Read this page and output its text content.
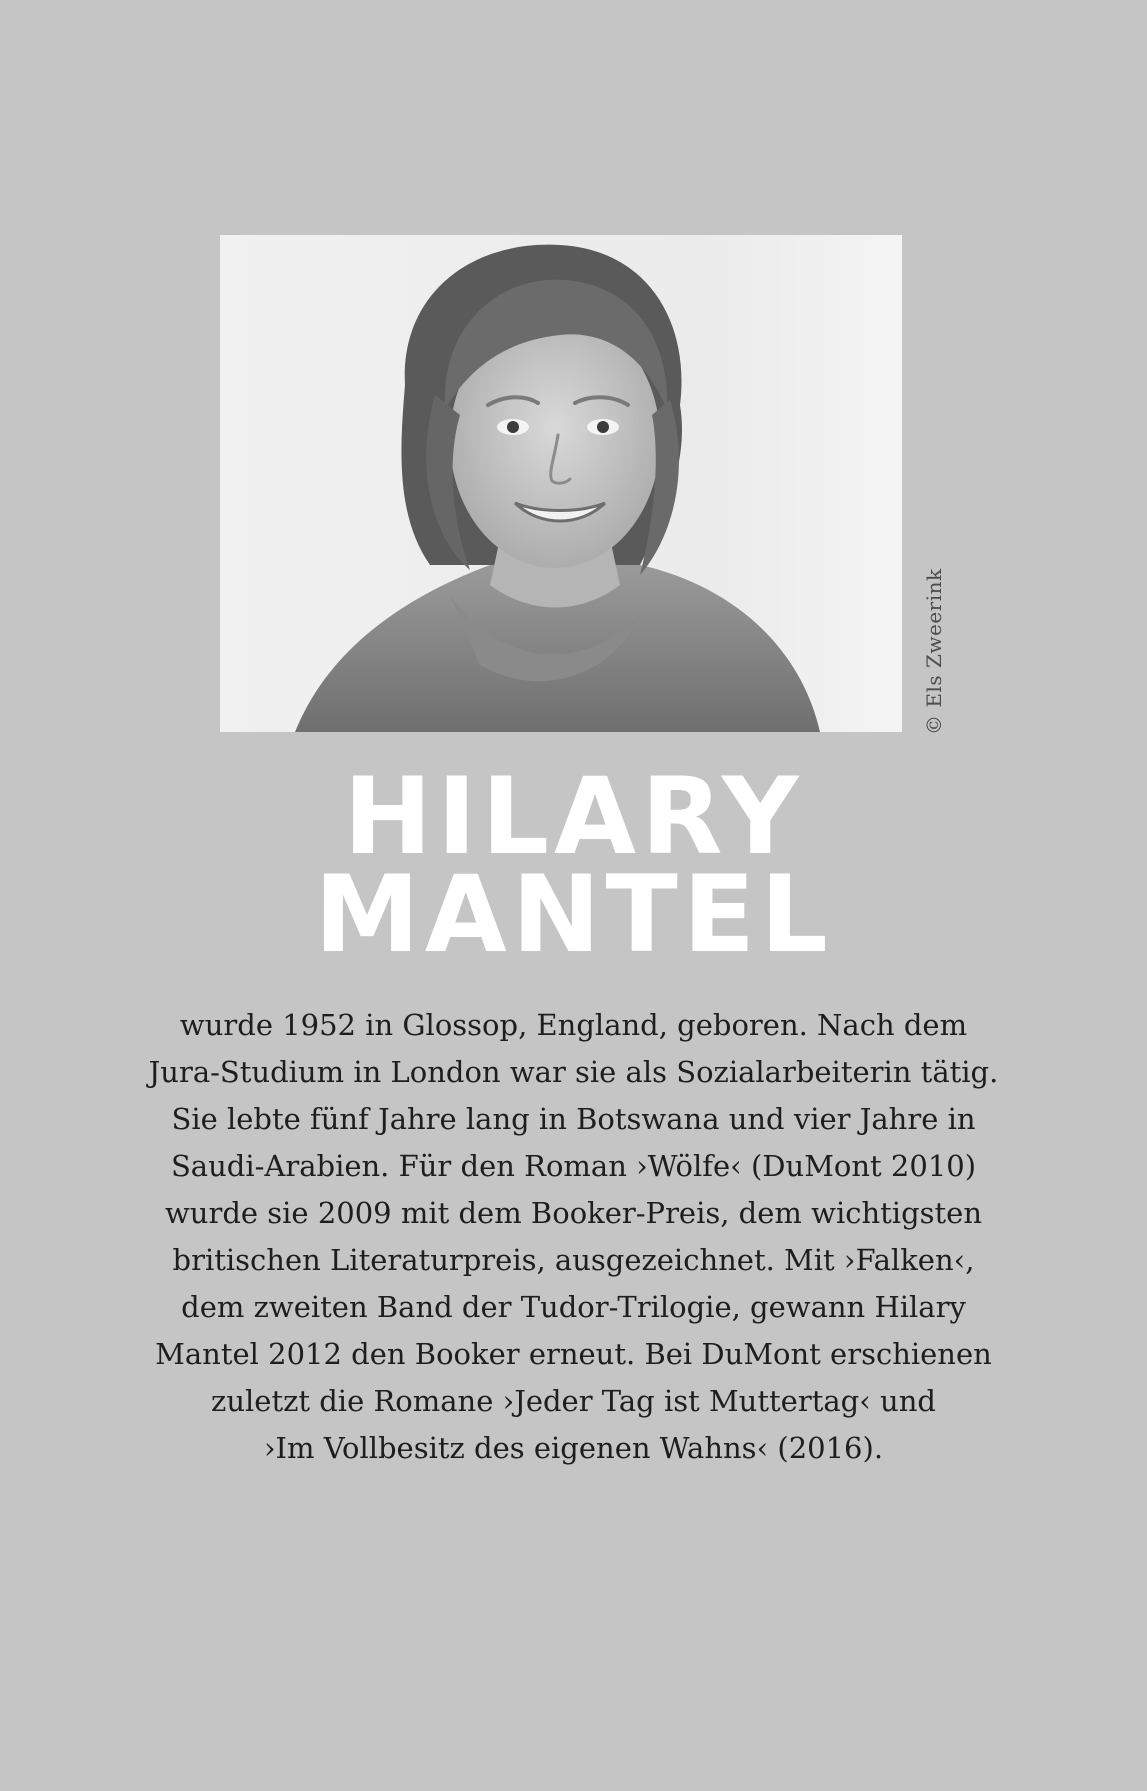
© Els Zweerink
HILARY
MANTEL
wurde 1952 in Glossop, England, geboren. Nach dem
Jura-Studium in London war sie als Sozialarbeiterin tätig.
Sie lebte fünf Jahre lang in Botswana und vier Jahre in
Saudi-Arabien. Für den Roman ›Wölfe‹ (DuMont 2010)
wurde sie 2009 mit dem Booker-Preis, dem wichtigsten
britischen Literaturpreis, ausgezeichnet. Mit ›Falken‹,
dem zweiten Band der Tudor-Trilogie, gewann Hilary
Mantel 2012 den Booker erneut. Bei DuMont erschienen
zuletzt die Romane ›Jeder Tag ist Muttertag‹ und
›Im Vollbesitz des eigenen Wahns‹ (2016).
